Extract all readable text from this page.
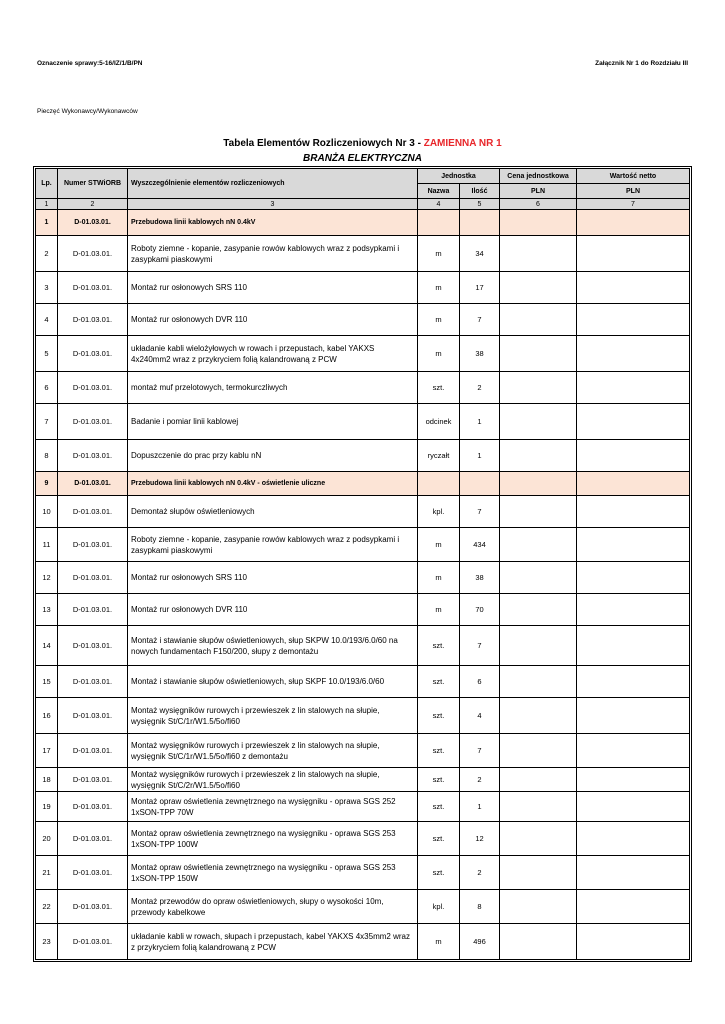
Oznaczenie sprawy:5-16/IZ/1/B/PN	Załącznik Nr 1 do Rozdziału III
Pieczęć Wykonawcy/Wykonawców
Tabela Elementów Rozliczeniowych Nr 3 - ZAMIENNA NR 1
BRANŻA ELEKTRYCZNA
Lp.	Numer STWiORB	Wyszczególnienie elementów rozliczeniowych	Jednostka		Cena jednostkowa	Wartość netto
			Nazwa	Ilość	PLN	PLN
1	2	3	4	5	6	7
1	D-01.03.01.	Przebudowa linii kablowych nN 0.4kV				
2	D-01.03.01.	Roboty ziemne - kopanie, zasypanie rowów kablowych wraz z podsypkami i zasypkami piaskowymi	m	34		
3	D-01.03.01.	Montaż rur osłonowych SRS 110	m	17		
4	D-01.03.01.	Montaż rur osłonowych DVR 110	m	7		
5	D-01.03.01.	układanie kabli wielożyłowych w rowach i przepustach, kabel YAKXS 4x240mm2 wraz z przykryciem folią kalandrowaną z PCW	m	38		
6	D-01.03.01.	montaż muf przelotowych, termokurczliwych	szt.	2		
7	D-01.03.01.	Badanie i pomiar linii kablowej	odcinek	1		
8	D-01.03.01.	Dopuszczenie do prac przy kablu nN	ryczałt	1		
9	D-01.03.01.	Przebudowa linii kablowych nN 0.4kV - oświetlenie uliczne				
10	D-01.03.01.	Demontaż słupów oświetleniowych	kpl.	7		
11	D-01.03.01.	Roboty ziemne - kopanie, zasypanie rowów kablowych wraz z podsypkami i zasypkami piaskowymi	m	434		
12	D-01.03.01.	Montaż rur osłonowych SRS 110	m	38		
13	D-01.03.01.	Montaż rur osłonowych DVR 110	m	70		
14	D-01.03.01.	Montaż i stawianie słupów oświetleniowych, słup SKPW 10.0/193/6.0/60 na nowych fundamentach F150/200, słupy z demontażu	szt.	7		
15	D-01.03.01.	Montaż i stawianie słupów oświetleniowych, słup SKPF 10.0/193/6.0/60	szt.	6		
16	D-01.03.01.	Montaż wysięgników rurowych i przewieszek z lin stalowych na słupie, wysięgnik St/C/1r/W1.5/5o/fi60	szt.	4		
17	D-01.03.01.	Montaż wysięgników rurowych i przewieszek z lin stalowych na słupie, wysięgnik St/C/1r/W1.5/5o/fi60 z demontażu	szt.	7		
18	D-01.03.01.	Montaż wysięgników rurowych i przewieszek z lin stalowych na słupie, wysięgnik St/C/2r/W1.5/5o/fi60	szt.	2		
19	D-01.03.01.	Montaż opraw oświetlenia zewnętrznego na wysięgniku - oprawa SGS 252 1xSON-TPP 70W	szt.	1		
20	D-01.03.01.	Montaż opraw oświetlenia zewnętrznego na wysięgniku - oprawa SGS 253 1xSON-TPP 100W	szt.	12		
21	D-01.03.01.	Montaż opraw oświetlenia zewnętrznego na wysięgniku - oprawa SGS 253 1xSON-TPP 150W	szt.	2		
22	D-01.03.01.	Montaż przewodów do opraw oświetleniowych, słupy o wysokości 10m, przewody kabelkowe	kpl.	8		
23	D-01.03.01.	układanie kabli w rowach, słupach i przepustach, kabel YAKXS 4x35mm2 wraz z przykryciem folią kalandrowaną z PCW	m	496		
